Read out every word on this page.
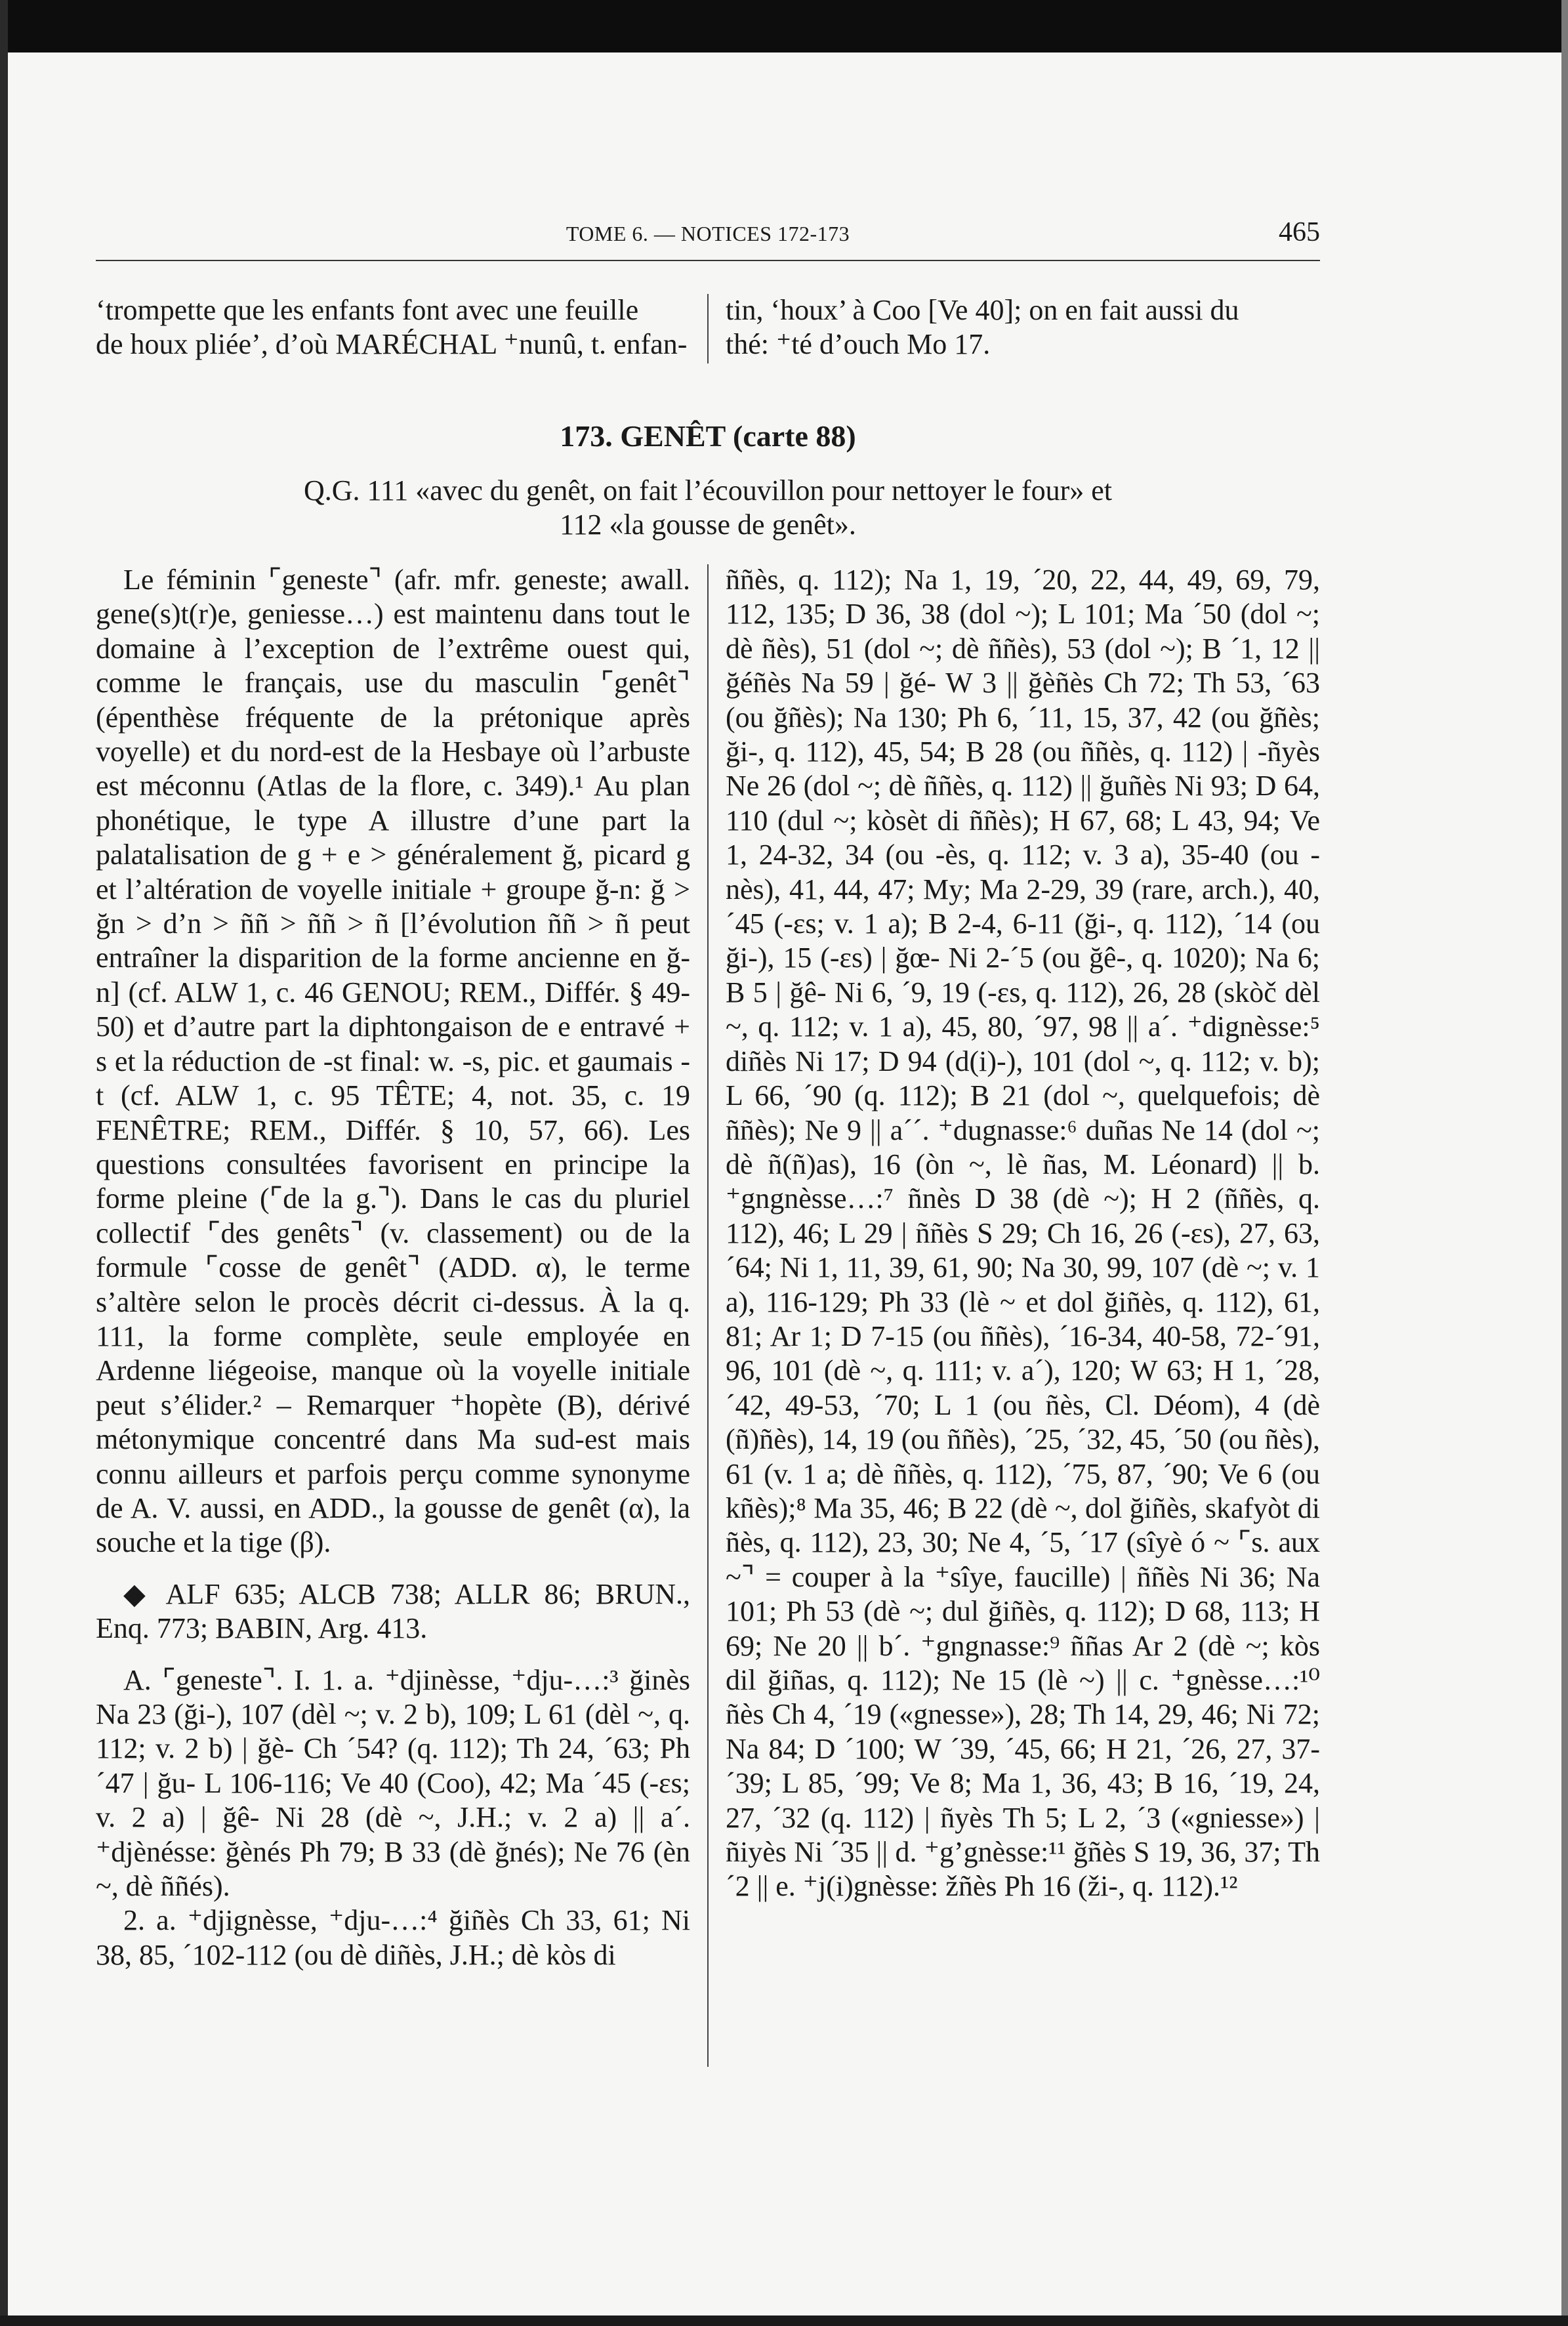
TOME 6. — NOTICES 172-173	465

‘trompette que les enfants font avec une feuille

de houx pliée’, d’où MARÉCHAL ⁺nunû, t. enfan-

tin, ‘houx’ à Coo [Ve 40]; on en fait aussi du

thé: ⁺té d’ouch Mo 17.

173. GENÊT (carte 88)
Q.G. 111 «avec du genêt, on fait l’écouvillon pour nettoyer le four» et
112 «la gousse de genêt».

Le féminin ⌜geneste⌝ (afr. mfr. geneste; awall. gene(s)t(r)e, geniesse…) est maintenu dans tout le domaine à l’exception de l’extrême ouest qui, comme le français, use du masculin ⌜genêt⌝ (épenthèse fréquente de la prétonique après voyelle) et du nord-est de la Hesbaye où l’arbuste est méconnu (Atlas de la flore, c. 349).¹ Au plan phonétique, le type A illustre d’une part la palatalisation de g + e > généralement ğ, picard g et l’altération de voyelle initiale + groupe ğ-n: ğ > ğn > d’n > ññ > ññ > ñ [l’évolution ññ > ñ peut entraîner la disparition de la forme ancienne en ğ-n] (cf. ALW 1, c. 46 GENOU; REM., Différ. § 49-50) et d’autre part la diphtongaison de e entravé + s et la réduction de -st final: w. -s, pic. et gaumais -t (cf. ALW 1, c. 95 TÊTE; 4, not. 35, c. 19 FENÊTRE; REM., Différ. § 10, 57, 66). Les questions consultées favorisent en principe la forme pleine (⌜de la g.⌝). Dans le cas du pluriel collectif ⌜des genêts⌝ (v. classement) ou de la formule ⌜cosse de genêt⌝ (ADD. α), le terme s’altère selon le procès décrit ci-dessus. À la q. 111, la forme complète, seule employée en Ardenne liégeoise, manque où la voyelle initiale peut s’élider.² – Remarquer ⁺hopète (B), dérivé métonymique concentré dans Ma sud-est mais connu ailleurs et parfois perçu comme synonyme de A. V. aussi, en ADD., la gousse de genêt (α), la souche et la tige (β).

◆ ALF 635; ALCB 738; ALLR 86; BRUN., Enq. 773; BABIN, Arg. 413.

A. ⌜geneste⌝. I. 1. a. ⁺djinèsse, ⁺dju-…:³ ğinès Na 23 (ği-), 107 (dèl ~; v. 2 b), 109; L 61 (dèl ~, q. 112; v. 2 b) | ğè- Ch ´54? (q. 112); Th 24, ´63; Ph ´47 | ğu- L 106-116; Ve 40 (Coo), 42; Ma ´45 (-εs; v. 2 a) | ğê- Ni 28 (dè ~, J.H.; v. 2 a) || a´. ⁺djènésse: ğènés Ph 79; B 33 (dè ğnés); Ne 76 (èn ~, dè ññés).

2. a. ⁺djignèsse, ⁺dju-…:⁴ ğiñès Ch 33, 61; Ni 38, 85, ´102-112 (ou dè diñès, J.H.; dè kòs di

ññès, q. 112); Na 1, 19, ´20, 22, 44, 49, 69, 79, 112, 135; D 36, 38 (dol ~); L 101; Ma ´50 (dol ~; dè ñès), 51 (dol ~; dè ññès), 53 (dol ~); B ´1, 12 || ğéñès Na 59 | ğé- W 3 || ğèñès Ch 72; Th 53, ´63 (ou ğñès); Na 130; Ph 6, ´11, 15, 37, 42 (ou ğñès; ği-, q. 112), 45, 54; B 28 (ou ññès, q. 112) | -ñyès Ne 26 (dol ~; dè ññès, q. 112) || ğuñès Ni 93; D 64, 110 (dul ~; kòsèt di ññès); H 67, 68; L 43, 94; Ve 1, 24-32, 34 (ou -ès, q. 112; v. 3 a), 35-40 (ou -nès), 41, 44, 47; My; Ma 2-29, 39 (rare, arch.), 40, ´45 (-εs; v. 1 a); B 2-4, 6-11 (ği-, q. 112), ´14 (ou ği-), 15 (-εs) | ğœ- Ni 2-´5 (ou ğê-, q. 1020); Na 6; B 5 | ğê- Ni 6, ´9, 19 (-εs, q. 112), 26, 28 (skòč dèl ~, q. 112; v. 1 a), 45, 80, ´97, 98 || a´. ⁺dignèsse:⁵ diñès Ni 17; D 94 (d(i)-), 101 (dol ~, q. 112; v. b); L 66, ´90 (q. 112); B 21 (dol ~, quelquefois; dè ññès); Ne 9 || a´´. ⁺dugnasse:⁶ duñas Ne 14 (dol ~; dè ñ(ñ)as), 16 (òn ~, lè ñas, M. Léonard) || b. ⁺gngnèsse…:⁷ ñnès D 38 (dè ~); H 2 (ññès, q. 112), 46; L 29 | ññès S 29; Ch 16, 26 (-εs), 27, 63, ´64; Ni 1, 11, 39, 61, 90; Na 30, 99, 107 (dè ~; v. 1 a), 116-129; Ph 33 (lè ~ et dol ğiñès, q. 112), 61, 81; Ar 1; D 7-15 (ou ññès), ´16-34, 40-58, 72-´91, 96, 101 (dè ~, q. 111; v. a´), 120; W 63; H 1, ´28, ´42, 49-53, ´70; L 1 (ou ñès, Cl. Déom), 4 (dè (ñ)ñès), 14, 19 (ou ññès), ´25, ´32, 45, ´50 (ou ñès), 61 (v. 1 a; dè ññès, q. 112), ´75, 87, ´90; Ve 6 (ou kñès);⁸ Ma 35, 46; B 22 (dè ~, dol ğiñès, skafyòt di ñès, q. 112), 23, 30; Ne 4, ´5, ´17 (sîyè ó ~ ⌜s. aux ~⌝ = couper à la ⁺sîye, faucille) | ññès Ni 36; Na 101; Ph 53 (dè ~; dul ğiñès, q. 112); D 68, 113; H 69; Ne 20 || b´. ⁺gngnasse:⁹ ññas Ar 2 (dè ~; kòs dil ğiñas, q. 112); Ne 15 (lè ~) || c. ⁺gnèsse…:¹⁰ ñès Ch 4, ´19 («gnesse»), 28; Th 14, 29, 46; Ni 72; Na 84; D ´100; W ´39, ´45, 66; H 21, ´26, 27, 37-´39; L 85, ´99; Ve 8; Ma 1, 36, 43; B 16, ´19, 24, 27, ´32 (q. 112) | ñyès Th 5; L 2, ´3 («gniesse») | ñiyès Ni ´35 || d. ⁺g’gnèsse:¹¹ ğñès S 19, 36, 37; Th ´2 || e. ⁺j(i)gnèsse: žñès Ph 16 (ži-, q. 112).¹²
